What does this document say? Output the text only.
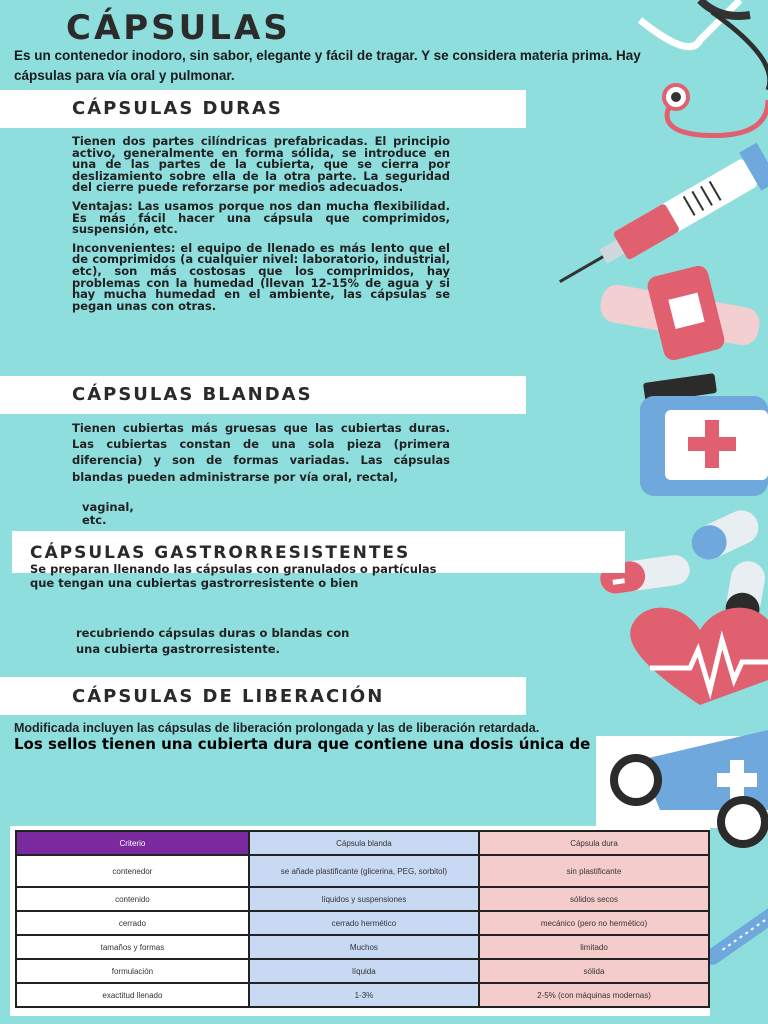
CÁPSULAS
Es un contenedor inodoro, sin sabor, elegante y fácil de tragar. Y se considera materia prima. Hay cápsulas para vía oral y pulmonar.
CÁPSULAS DURAS

Tienen dos partes cilíndricas prefabricadas. El principio activo, generalmente en forma sólida, se introduce en una de las partes de la cubierta, que se cierra por deslizamiento sobre ella de la otra parte. La seguridad del cierre puede reforzarse por medios adecuados.

Ventajas: Las usamos porque nos dan mucha flexibilidad. Es más fácil hacer una cápsula que comprimidos, suspensión, etc.

Inconvenientes: el equipo de llenado es más lento que el de comprimidos (a cualquier nivel: laboratorio, industrial, etc), son más costosas que los comprimidos, hay problemas con la humedad (llevan 12-15% de agua y si hay mucha humedad en el ambiente, las cápsulas se pegan unas con otras.

CÁPSULAS BLANDAS
Tienen cubiertas más gruesas que las cubiertas duras. Las cubiertas constan de una sola pieza (primera diferencia) y son de formas variadas. Las cápsulas blandas pueden administrarse por vía oral, rectal,
vaginal,
etc.
CÁPSULAS GASTRORRESISTENTES
Se preparan llenando las cápsulas con granulados o partículas
que tengan una cubiertas gastrorresistente o bien
recubriendo cápsulas duras o blandas con
una cubierta gastrorresistente.
CÁPSULAS DE LIBERACIÓN
Modificada incluyen las cápsulas de liberación prolongada y las de liberación retardada.
Los sellos tienen una cubierta dura que contiene una dosis única de
Criterio	Cápsula blanda	Cápsula dura
contenedor	se añade plastificante (glicerina, PEG, sorbitol)	sin plastificante
contenido	líquidos y suspensiones	sólidos secos
cerrado	cerrado hermético	mecánico (pero no hermético)
tamaños y formas	Muchos	limitado
formulación	líquida	sólida
exactitud llenado	1-3%	2-5% (con máquinas modernas)
